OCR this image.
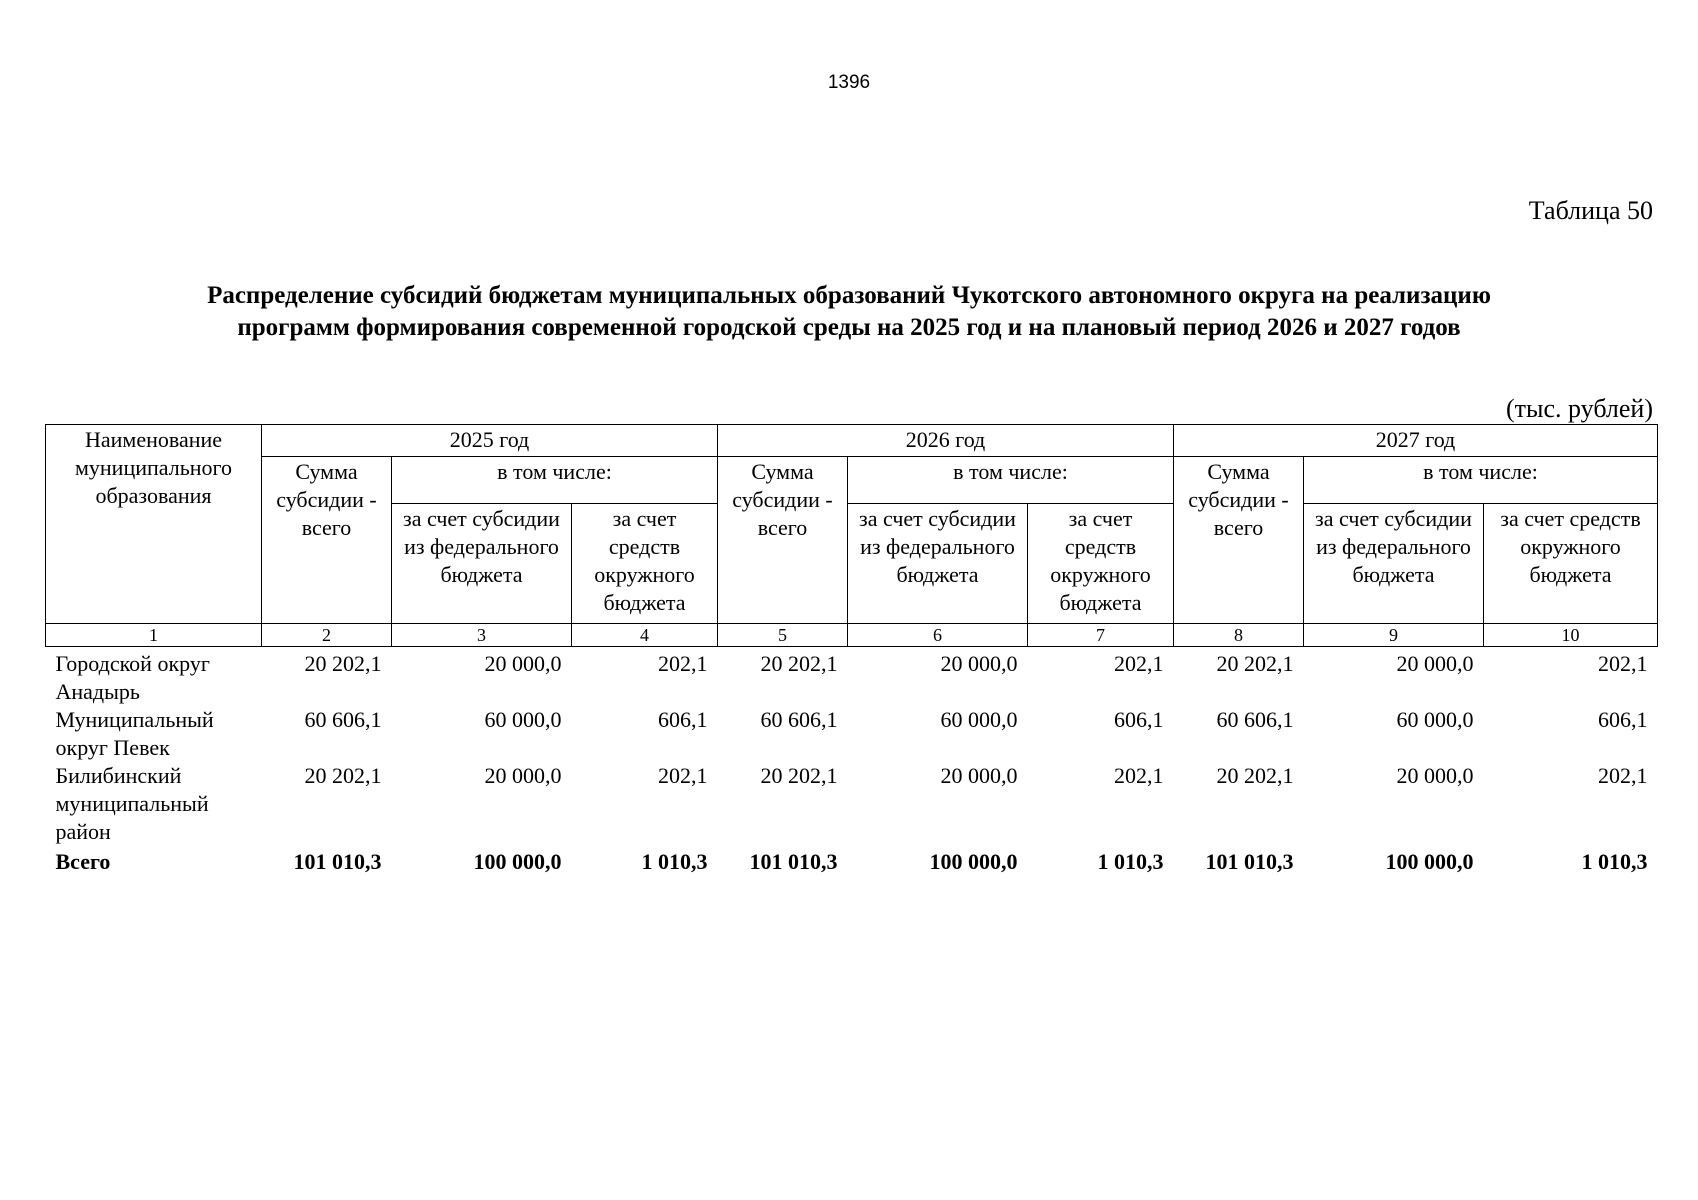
1396
Таблица 50
Распределение субсидий бюджетам муниципальных образований Чукотского автономного округа на реализацию
программ формирования современной городской среды на 2025 год и на плановый период 2026 и 2027 годов
(тыс. рублей)
Наименование муниципального образования	2025 год			2026 год			2027 год		
	Сумма субсидии - всего	в том числе:		Сумма субсидии - всего	в том числе:		Сумма субсидии - всего	в том числе:	
		за счет субсидии из федерального бюджета	за счет средств окружного бюджета		за счет субсидии из федерального бюджета	за счет средств окружного бюджета		за счет субсидии из федерального бюджета	за счет средств окружного бюджета
1	2	3	4	5	6	7	8	9	10
Городской округ Анадырь	20 202,1	20 000,0	202,1	20 202,1	20 000,0	202,1	20 202,1	20 000,0	202,1
Муниципальный округ Певек	60 606,1	60 000,0	606,1	60 606,1	60 000,0	606,1	60 606,1	60 000,0	606,1
Билибинский муниципальный район	20 202,1	20 000,0	202,1	20 202,1	20 000,0	202,1	20 202,1	20 000,0	202,1
Всего	101 010,3	100 000,0	1 010,3	101 010,3	100 000,0	1 010,3	101 010,3	100 000,0	1 010,3
